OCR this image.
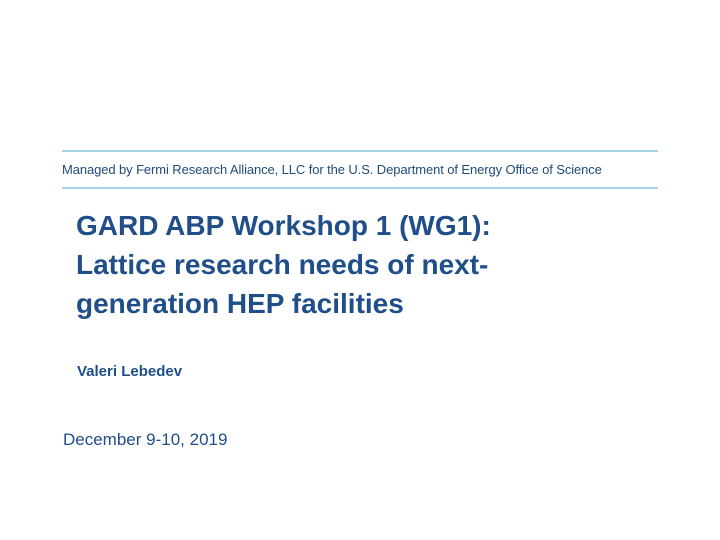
Managed by Fermi Research Alliance, LLC for the U.S. Department of Energy Office of Science
GARD ABP Workshop 1 (WG1):
Lattice research needs of next-
generation HEP facilities
Valeri Lebedev
December 9-10, 2019
